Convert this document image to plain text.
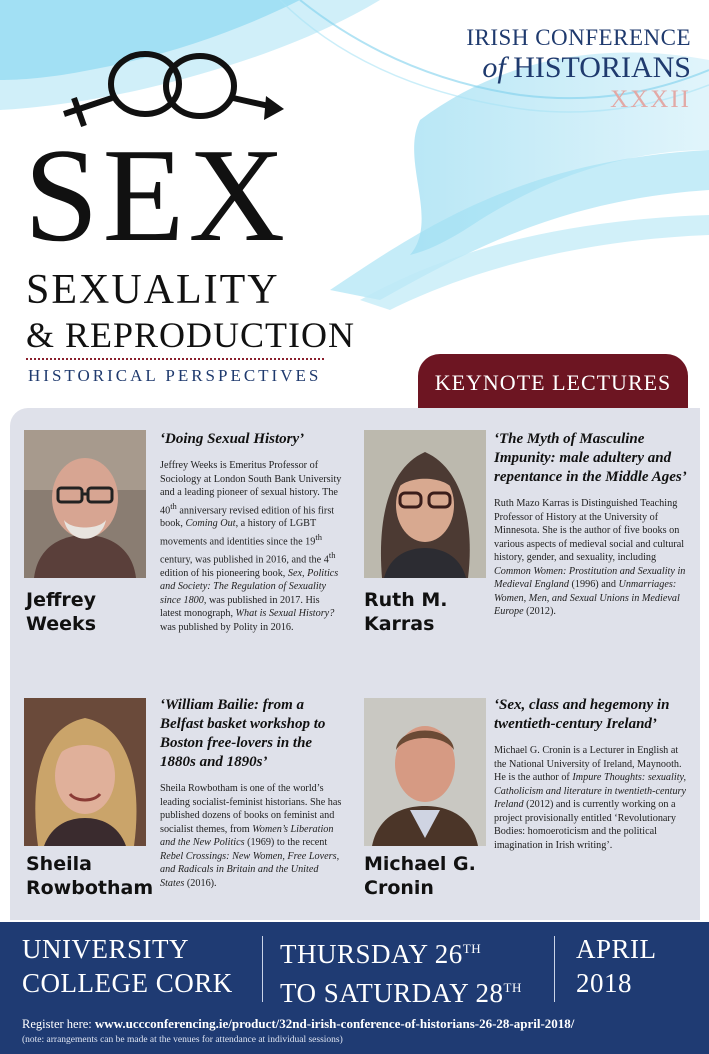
IRISH CONFERENCE
of HISTORIANS
XXXII
SEX
SEXUALITY
& REPRODUCTION
HISTORICAL PERSPECTIVES	KEYNOTE LECTURES
Jeffrey
Weeks
‘Doing Sexual History’
Jeffrey Weeks is Emeritus Professor of Sociology at London South Bank University and a leading pioneer of sexual history. The 40th anniversary revised edition of his first book, Coming Out, a history of LGBT movements and identities since the 19th century, was published in 2016, and the 4th edition of his pioneering book, Sex, Politics and Society: The Regulation of Sexuality since 1800, was published in 2017. His latest monograph, What is Sexual History? was published by Polity in 2016.
Ruth M.
Karras
‘The Myth of Masculine Impunity: male adultery and repentance in the Middle Ages’
Ruth Mazo Karras is Distinguished Teaching Professor of History at the University of Minnesota. She is the author of five books on various aspects of medieval social and cultural history, gender, and sexuality, including Common Women: Prostitution and Sexuality in Medieval England (1996) and Unmarriages: Women, Men, and Sexual Unions in Medieval Europe (2012).
Sheila
Rowbotham
‘William Bailie: from a Belfast basket workshop to Boston free-lovers in the 1880s and 1890s’
Sheila Rowbotham is one of the world’s leading socialist-feminist historians. She has published dozens of books on feminist and socialist themes, from Women’s Liberation and the New Politics (1969) to the recent Rebel Crossings: New Women, Free Lovers, and Radicals in Britain and the United States (2016).
Michael G.
Cronin
‘Sex, class and hegemony in twentieth-century Ireland’
Michael G. Cronin is a Lecturer in English at the National University of Ireland, Maynooth. He is the author of Impure Thoughts: sexuality, Catholicism and literature in twentieth-century Ireland (2012) and is currently working on a project provisionally entitled ‘Revolutionary Bodies: homoeroticism and the political imagination in Irish writing’.
UNIVERSITY
COLLEGE CORK
THURSDAY 26TH
TO SATURDAY 28TH
APRIL
2018
Register here: www.uccconferencing.ie/product/32nd-irish-conference-of-historians-26-28-april-2018/
(note: arrangements can be made at the venues for attendance at individual sessions)
